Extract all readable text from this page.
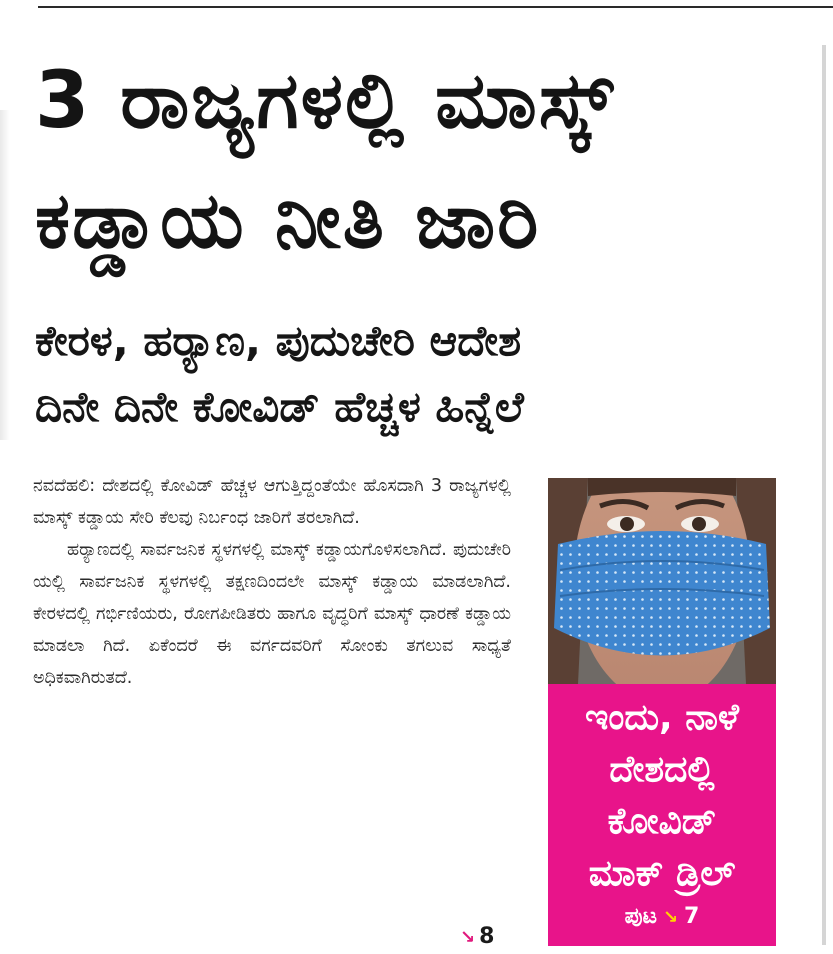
3 ರಾಜ್ಯಗಳಲ್ಲಿ ಮಾಸ್ಕ್
ಕಡ್ಡಾಯ ನೀತಿ ಜಾರಿ
ಕೇರಳ, ಹರ‍್ಯಾಣ, ಪುದುಚೇರಿ ಆದೇಶ
ದಿನೇ ದಿನೇ ಕೋವಿಡ್ ಹೆಚ್ಚಳ ಹಿನ್ನೆಲೆ

ನವದೆಹಲಿ: ದೇಶದಲ್ಲಿ ಕೋವಿಡ್ ಹೆಚ್ಚಳ ಆಗುತ್ತಿದ್ದಂತೆಯೇ ಹೊಸದಾಗಿ 3 ರಾಜ್ಯಗಳಲ್ಲಿ ಮಾಸ್ಕ್ ಕಡ್ಡಾಯ ಸೇರಿ ಕೆಲವು ನಿರ್ಬಂಧ ಜಾರಿಗೆ ತರಲಾಗಿದೆ.

ಹರ‍್ಯಾಣದಲ್ಲಿ ಸಾರ್ವಜನಿಕ ಸ್ಥಳಗಳಲ್ಲಿ ಮಾಸ್ಕ್ ಕಡ್ಡಾಯಗೊಳಿಸಲಾಗಿದೆ. ಪುದುಚೇರಿ ಯಲ್ಲಿ ಸಾರ್ವಜನಿಕ ಸ್ಥಳಗಳಲ್ಲಿ ತಕ್ಷಣದಿಂದಲೇ ಮಾಸ್ಕ್ ಕಡ್ಡಾಯ ಮಾಡಲಾಗಿದೆ. ಕೇರಳದಲ್ಲಿ ಗರ್ಭಿಣಿಯರು, ರೋಗಪೀಡಿತರು ಹಾಗೂ ವೃದ್ಧರಿಗೆ ಮಾಸ್ಕ್ ಧಾರಣೆ ಕಡ್ಡಾಯ ಮಾಡಲಾ ಗಿದೆ. ಏಕೆಂದರೆ ಈ ವರ್ಗದವರಿಗೆ ಸೋಂಕು ತಗಲುವ ಸಾಧ್ಯತೆ ಅಧಿಕವಾಗಿರುತದೆ.

↘ 8

ಇಂದು, ನಾಳೆ

ದೇಶದಲ್ಲಿ

ಕೋವಿಡ್

ಮಾಕ್ ಡ್ರಿಲ್

ಪುಟ ↘ 7
